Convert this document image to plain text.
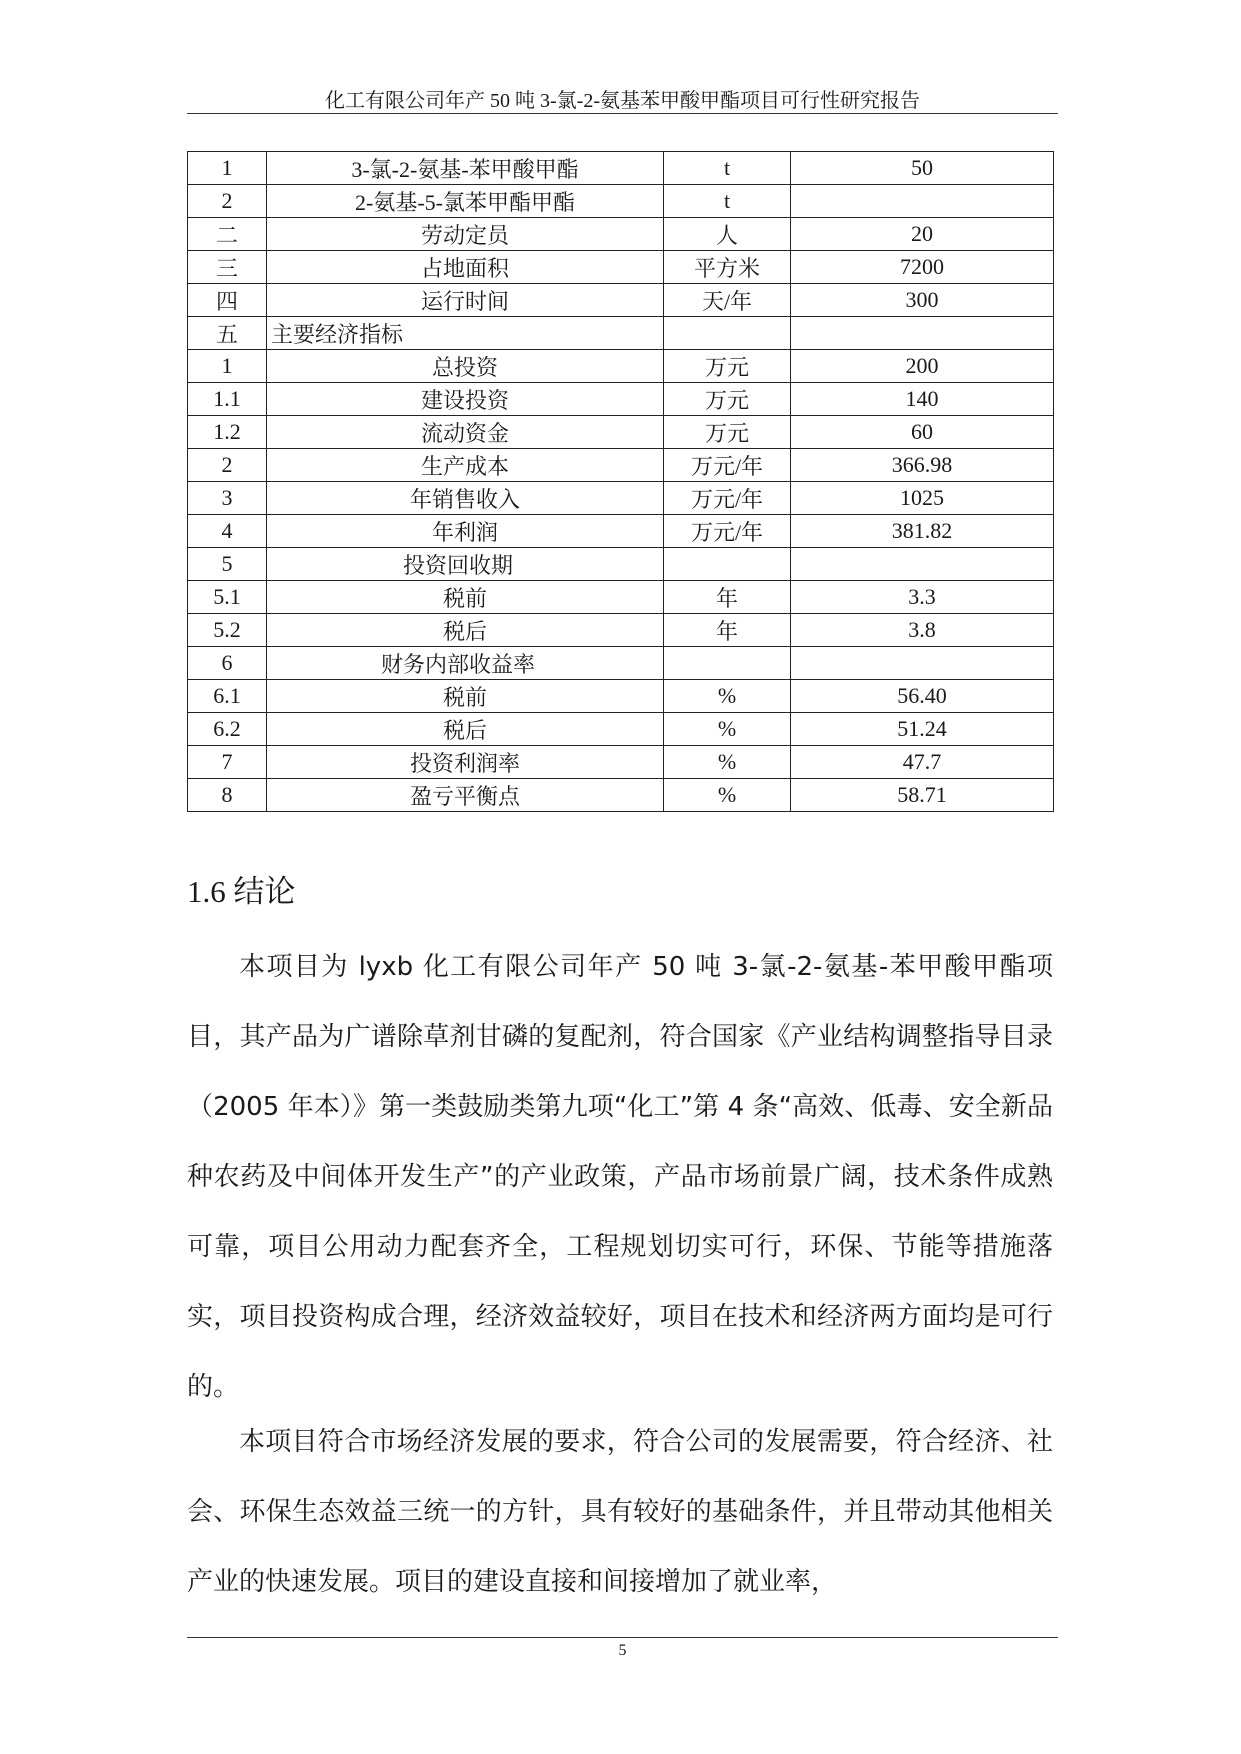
化工有限公司年产 50 吨 3-氯-2-氨基苯甲酸甲酯项目可行性研究报告
1	3-氯-2-氨基-苯甲酸甲酯	t	50
2	2-氨基-5-氯苯甲酯甲酯	t	
二	劳动定员	人	20
三	占地面积	平方米	7200
四	运行时间	天/年	300
五	主要经济指标		
1	总投资	万元	200
1.1	建设投资	万元	140
1.2	流动资金	万元	60
2	生产成本	万元/年	366.98
3	年销售收入	万元/年	1025
4	年利润	万元/年	381.82
5	投资回收期		
5.1	税前	年	3.3
5.2	税后	年	3.8
6	财务内部收益率		
6.1	税前	%	56.40
6.2	税后	%	51.24
7	投资利润率	%	47.7
8	盈亏平衡点	%	58.71
1.6 结论

本项目为 lyxb 化工有限公司年产 50 吨 3-氯-2-氨基-苯甲酸甲酯项目，其产品为广谱除草剂甘磷的复配剂，符合国家《产业结构调整指导目录（2005 年本）》第一类鼓励类第九项“化工”第 4 条“高效、低毒、安全新品种农药及中间体开发生产”的产业政策，产品市场前景广阔，技术条件成熟可靠，项目公用动力配套齐全，工程规划切实可行，环保、节能等措施落实，项目投资构成合理，经济效益较好，项目在技术和经济两方面均是可行的。

本项目符合市场经济发展的要求，符合公司的发展需要，符合经济、社会、环保生态效益三统一的方针，具有较好的基础条件，并且带动其他相关产业的快速发展。项目的建设直接和间接增加了就业率，

5
